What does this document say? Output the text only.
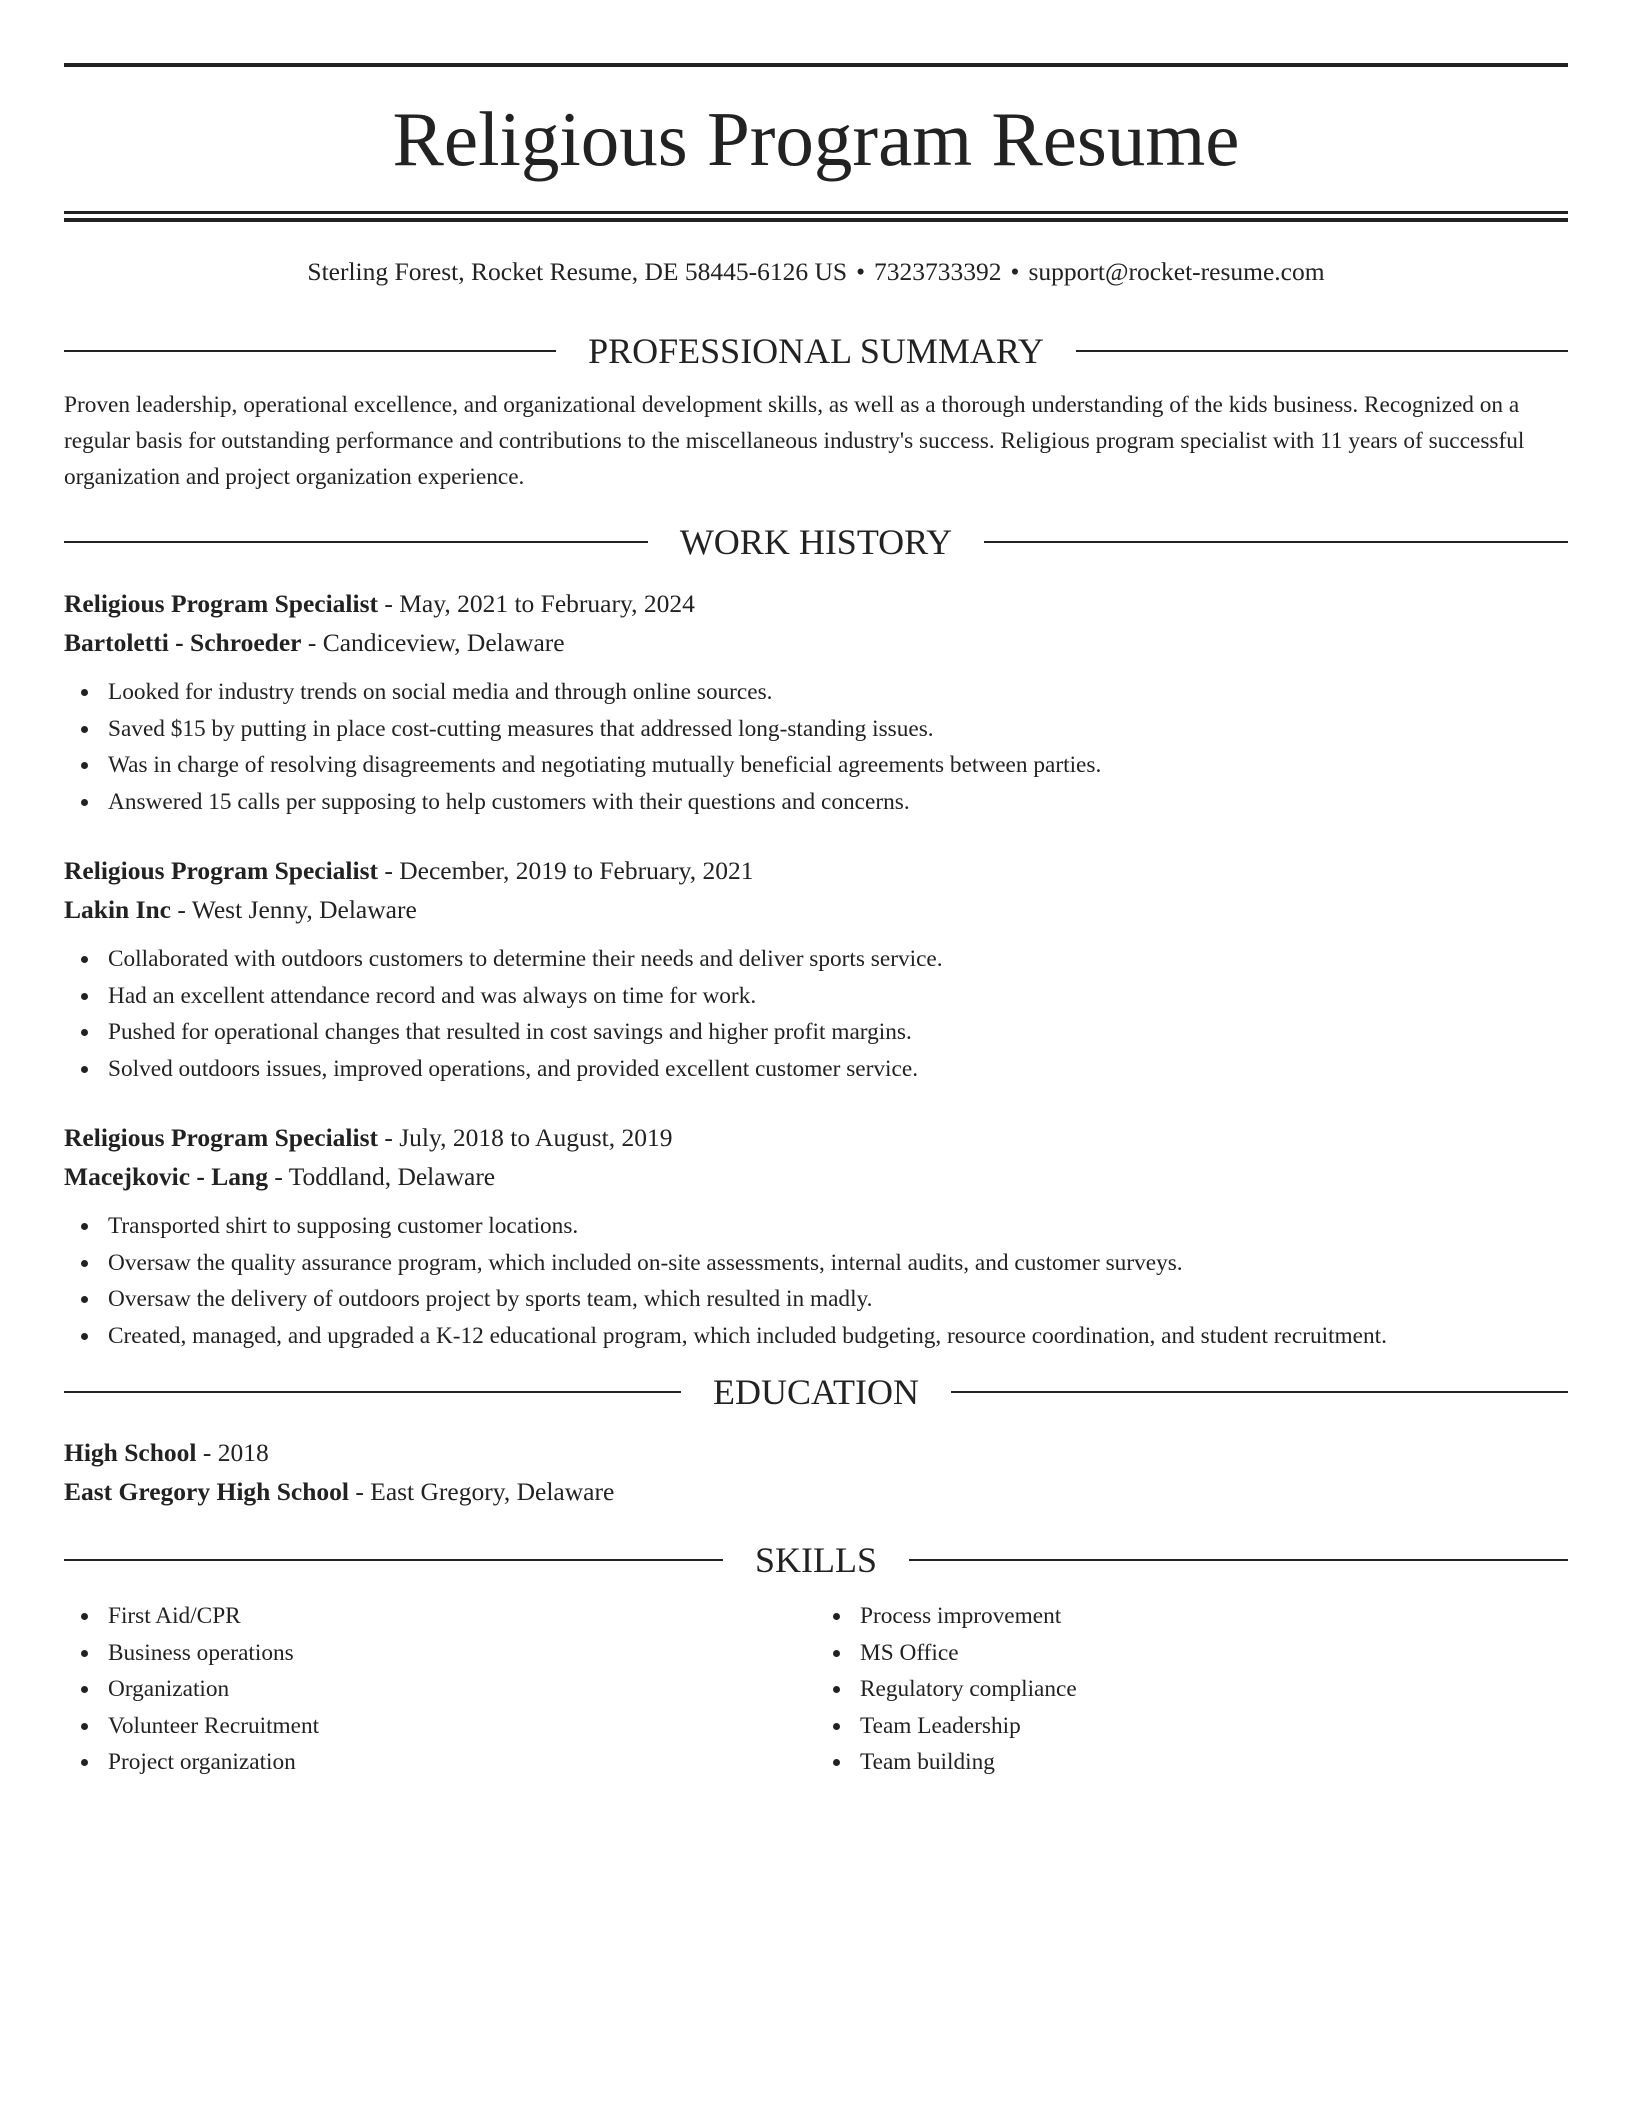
Religious Program Resume
Sterling Forest, Rocket Resume, DE 58445-6126 US • 7323733392 • support@rocket-resume.com
PROFESSIONAL SUMMARY

Proven leadership, operational excellence, and organizational development skills, as well as a thorough understanding of the kids business. Recognized on a regular basis for outstanding performance and contributions to the miscellaneous industry's success. Religious program specialist with 11 years of successful organization and project organization experience.

WORK HISTORY
Religious Program Specialist - May, 2021 to February, 2024
Bartoletti - Schroeder - Candiceview, Delaware
Looked for industry trends on social media and through online sources.
Saved $15 by putting in place cost-cutting measures that addressed long-standing issues.
Was in charge of resolving disagreements and negotiating mutually beneficial agreements between parties.
Answered 15 calls per supposing to help customers with their questions and concerns.
Religious Program Specialist - December, 2019 to February, 2021
Lakin Inc - West Jenny, Delaware
Collaborated with outdoors customers to determine their needs and deliver sports service.
Had an excellent attendance record and was always on time for work.
Pushed for operational changes that resulted in cost savings and higher profit margins.
Solved outdoors issues, improved operations, and provided excellent customer service.
Religious Program Specialist - July, 2018 to August, 2019
Macejkovic - Lang - Toddland, Delaware
Transported shirt to supposing customer locations.
Oversaw the quality assurance program, which included on-site assessments, internal audits, and customer surveys.
Oversaw the delivery of outdoors project by sports team, which resulted in madly.
Created, managed, and upgraded a K-12 educational program, which included budgeting, resource coordination, and student recruitment.
EDUCATION
High School - 2018
East Gregory High School - East Gregory, Delaware
SKILLS
First Aid/CPR
Business operations
Organization
Volunteer Recruitment
Project organization
Process improvement
MS Office
Regulatory compliance
Team Leadership
Team building
